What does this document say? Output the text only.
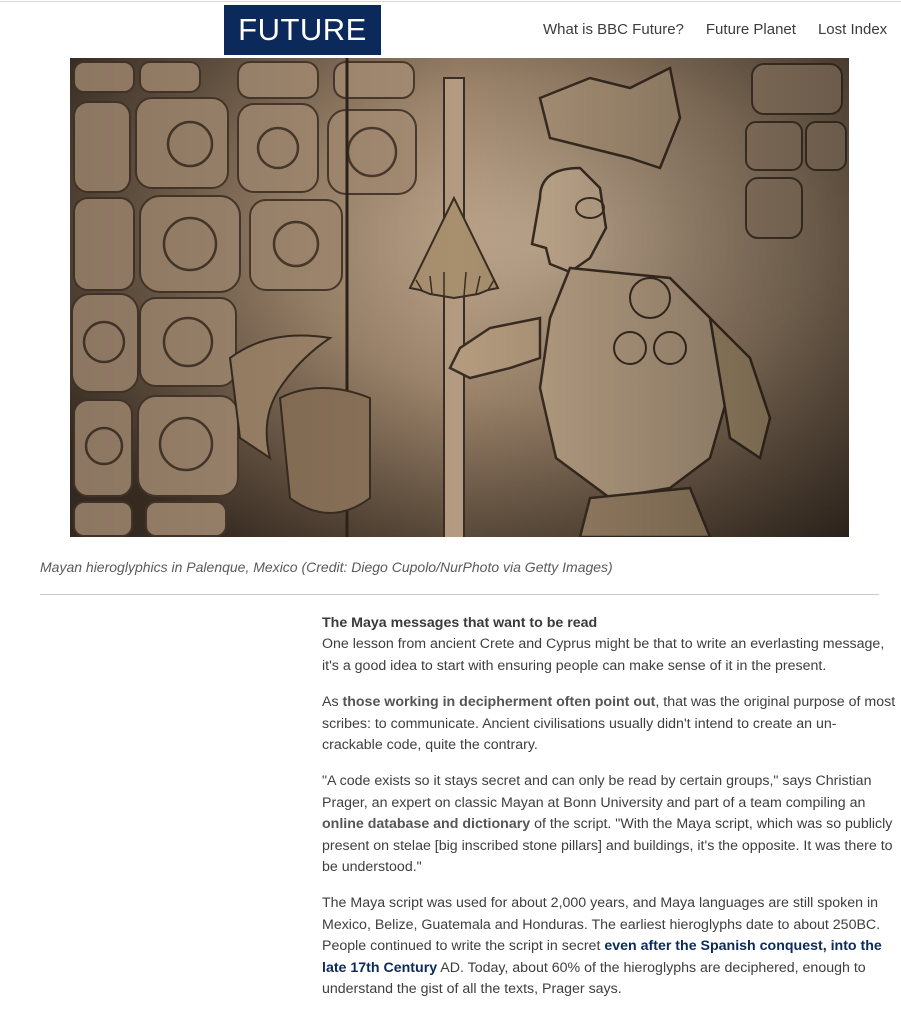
FUTURE	What is BBC Future? Future Planet Lost Index
Mayan hieroglyphics in Palenque, Mexico (Credit: Diego Cupolo/NurPhoto via Getty Images)
The Maya messages that want to be read

One lesson from ancient Crete and Cyprus might be that to write an everlasting message, it's a good idea to start with ensuring people can make sense of it in the present.

As those working in decipherment often point out, that was the original purpose of most scribes: to communicate. Ancient civilisations usually didn't intend to create an un-crackable code, quite the contrary.

"A code exists so it stays secret and can only be read by certain groups," says Christian Prager, an expert on classic Mayan at Bonn University and part of a team compiling an online database and dictionary of the script. "With the Maya script, which was so publicly present on stelae [big inscribed stone pillars] and buildings, it's the opposite. It was there to be understood."

The Maya script was used for about 2,000 years, and Maya languages are still spoken in Mexico, Belize, Guatemala and Honduras. The earliest hieroglyphs date to about 250BC. People continued to write the script in secret even after the Spanish conquest, into the late 17th Century AD. Today, about 60% of the hieroglyphs are deciphered, enough to understand the gist of all the texts, Prager says.
